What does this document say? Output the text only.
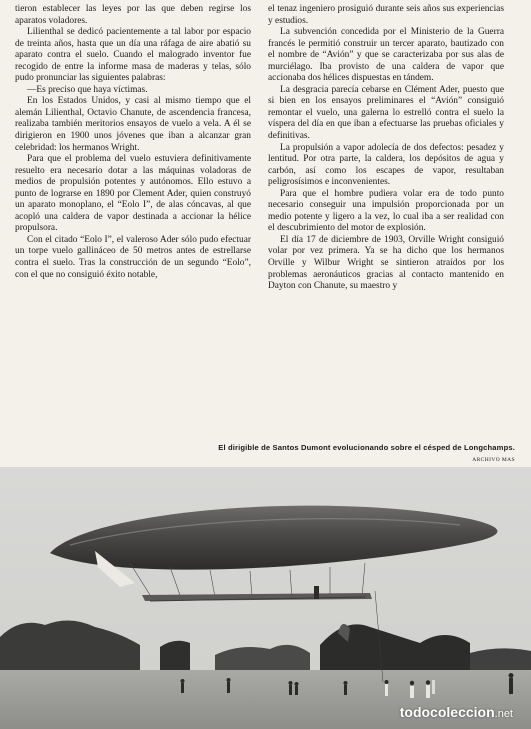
tieron establecer las leyes por las que deben regirse los aparatos voladores.

Lilienthal se dedicó pacientemente a tal labor por espacio de treinta años, hasta que un día una ráfaga de aire abatió su aparato contra el suelo. Cuando el malogrado inventor fue recogido de entre la informe masa de maderas y telas, sólo pudo pronunciar las siguientes palabras:

—Es preciso que haya víctimas.

En los Estados Unidos, y casi al mismo tiempo que el alemán Lilienthal, Octavio Chanute, de ascendencia francesa, realizaba también meritorios ensayos de vuelo a vela. A él se dirigieron en 1900 unos jóvenes que iban a alcanzar gran celebridad: los hermanos Wright.

Para que el problema del vuelo estuviera definitivamente resuelto era necesario dotar a las máquinas voladoras de medios de propulsión potentes y autónomos. Ello estuvo a punto de lograrse en 1890 por Clement Ader, quien construyó un aparato monoplano, el “Eolo I”, de alas cóncavas, al que acopló una caldera de vapor destinada a accionar la hélice propulsora.

Con el citado “Eolo I”, el valeroso Ader sólo pudo efectuar un torpe vuelo gallináceo de 50 metros antes de estrellarse contra el suelo. Tras la construcción de un segundo “Eolo”, con el que no consiguió éxito notable,

el tenaz ingeniero prosiguió durante seis años sus experiencias y estudios.

La subvención concedida por el Ministerio de la Guerra francés le permitió construir un tercer aparato, bautizado con el nombre de “Avión” y que se caracterizaba por sus alas de murciélago. Iba provisto de una caldera de vapor que accionaba dos hélices dispuestas en tándem.

La desgracia parecía cebarse en Clément Ader, puesto que si bien en los ensayos preliminares el “Avión” consiguió remontar el vuelo, una galerna lo estrelló contra el suelo la víspera del día en que iban a efectuarse las pruebas oficiales y definitivas.

La propulsión a vapor adolecía de dos defectos: pesadez y lentitud. Por otra parte, la caldera, los depósitos de agua y carbón, así como los escapes de vapor, resultaban peligrosísimos e inconvenientes.

Para que el hombre pudiera volar era de todo punto necesario conseguir una impulsión proporcionada por un medio potente y ligero a la vez, lo cual iba a ser realidad con el descubrimiento del motor de explosión.

El día 17 de diciembre de 1903, Orville Wright consiguió volar por vez primera. Ya se ha dicho que los hermanos Orville y Wilbur Wright se sintieron atraídos por los problemas aeronáuticos gracias al contacto mantenido en Dayton con Chanute, su maestro y

El dirigible de Santos Dumont evolucionando sobre el césped de Longchamps.
ARCHIVO MAS
todocoleccion.net
